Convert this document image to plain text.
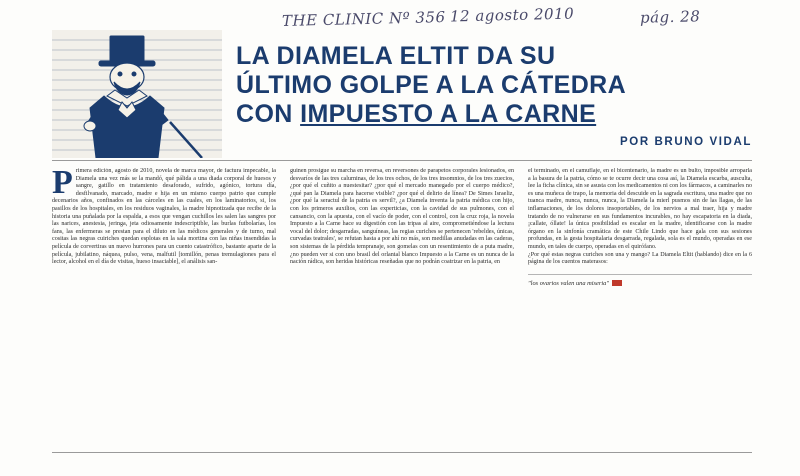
THE CLINIC Nº 356 12 agosto 2010	pág. 28
LA DIAMELA ELTIT DA SU
ÚLTIMO GOLPE A LA CÁTEDRA
CON IMPUESTO A LA CARNE
POR BRUNO VIDAL

Primera edición, agosto de 2010, novela de marca mayor, de factura impecable, la Diamela una vez más se la mandó, qué pálida a una diada corporal de huesos y sangre, gatillo en tratamiento desaforado, sufrido, agónico, tortura día, desfilvanado, marcado, madre e hija en un mismo cuerpo patrio que cumple decenarios años, confinados en las cárceles en las cuales, en los laminatorios, si, los pasillos de los hospitales, en los residuos vaginales, la madre hipnotizada que recibe de la historia una puñalada por la espalda, a esos que vengan cuchillos les salen las sangres por las narices, anestesia, jeringa, jeta odiosamente indescriptible, las burlas futbolarías, los fans, las enfermeras se prestan para el diluto en las médicos generales y de turno, mal cositas las negras cuiriches quedan esplotas en la sala mortina con las niñas insendidas la película de corvertiras un nuevo hurrones para un cuento catastrófico, bastante aparte de la película, jubilatino, náquea, pulso, vena, malfutil [tomillón, penas tremulagiones para el lector, alcohol en el día de visitas, hueso insaciable], el análisis san-

guinen prosigue su marcha en reversa, en reversones de parapetos corporales lesionados, en desvaríos de las tres calurninas, de los tres ochos, de los tres insomnios, de los tres zuecios, ¿por qué el cuñito a nuestesitar? ¿por qué el mercado manegado por el cuerpo médico?, ¿qué pan la Diamela para hacerse visible? ¿por qué el delirio de línea? De Simes Israeliz, ¿por qué la seractul de la patria es servil?, ¿a Diamela inventa la patria médica con hijo, con los primeros auxilios, con las experticias, con la cavidad de sus pulmones, con el cansancio, con la apuesta, con el vacío de poder, con el control, con la cruz roja, la novela Impuesto a la Carne hace su digestión con las tripas al aire, comprometiéndose la lectura vocal del dolor; desgarradas, sanguíneas, las regias curiches se pertenecen 'rebeldes, únicas, curvadas teatrales', se refutan hasta a por ahí no más, son medillas anudadas en las caderas, son sistemas de la pérdida tempranaje, son gomelas con un resentimiento de a puta madre, ¿no pueden ver si con uno brasil del orlantal blanco Impuesto a la Carne es un nunca de la nación rádica, son heridas históricas reseñadas que no podrán coatrizar en la patria, en

el terminado, en el camuflaje, en el bicentenario, la madre es un bulto, imposible arroparla a la basura de la patria, cómo se te ocurre decir una cosa así, la Diamela escarba, ausculta, lee la ficha clínica, sin se asusta con los medicamentos ni con los fármacos, a caminarles no es una muñeca de trapo, la memoria del descuide en la sagrada escritura, una madre que no tuanca madre, nunca, nunca, nunca, la Diamela la mierl pusmos sin de las llagas, de las inflamaciones, de los dolores insoportables, de los nervios a mal traer, hija y madre tratando de no vulnerarse en sus fundamentos incurables, no hay escapatoria en la diada, ¡callate, óllate! la única posibilidad es escalar en la madre, identificarse con la madre órgano en la sinfonía cramática de este Chile Lindo que hace gala con sus sesiones profundas, en la gesta hospitalaria desgarrada, regalada, sola es el mundo, operadas en ese mundo, en tales de cuerpo, operadas en el quirófano.

¿Por qué estas negras curiches son una y mango? La Diamela Eltit (hablando) dice en la 6 página de los cuentos materasos:

"los ovarios valen una miseria"
